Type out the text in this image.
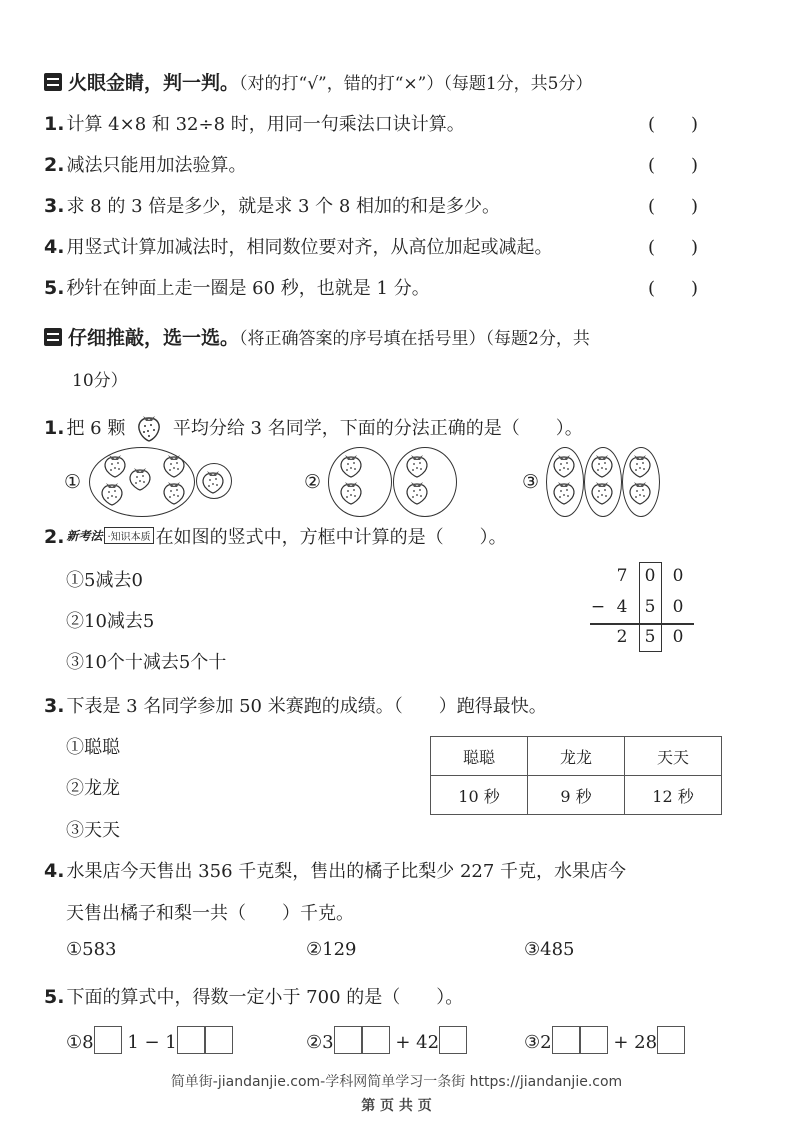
火眼金睛，判一判。（对的打“√”，错的打“×”）（每题1分，共5分）
1. 计算 4×8 和 32÷8 时，用同一句乘法口诀计算。	(　　)
2. 减法只能用加法验算。	(　　)
3. 求 8 的 3 倍是多少，就是求 3 个 8 相加的和是多少。	(　　)
4. 用竖式计算加减法时，相同数位要对齐，从高位加起或减起。	(　　)
5. 秒针在钟面上走一圈是 60 秒，也就是 1 分。	(　　)
仔细推敲，选一选。（将正确答案的序号填在括号里）（每题2分，共
10分）
1. 把 6 颗	平均分给 3 名同学，下面的分法正确的是（　　）。
①	②	③
2. 新考法 ·知识本质 在如图的竖式中，方框中计算的是（　　）。
①5减去0
②10减去5
③10个十减去5个十
7 0 0
− 4 5 0
2 5 0
3. 下表是 3 名同学参加 50 米赛跑的成绩。（　　）跑得最快。
①聪聪
②龙龙
③天天
聪聪	龙龙	天天
10 秒	9 秒	12 秒
4. 水果店今天售出 356 千克梨，售出的橘子比梨少 227 千克，水果店今
天售出橘子和梨一共（　　）千克。
①583	②129	③485
5. 下面的算式中，得数一定小于 700 的是（　　）。
①8 1 − 1	②3	+ 42	③2	+ 28
简单街-jiandanjie.com-学科网简单学习一条街 https://jiandanjie.com
第 页 共 页
